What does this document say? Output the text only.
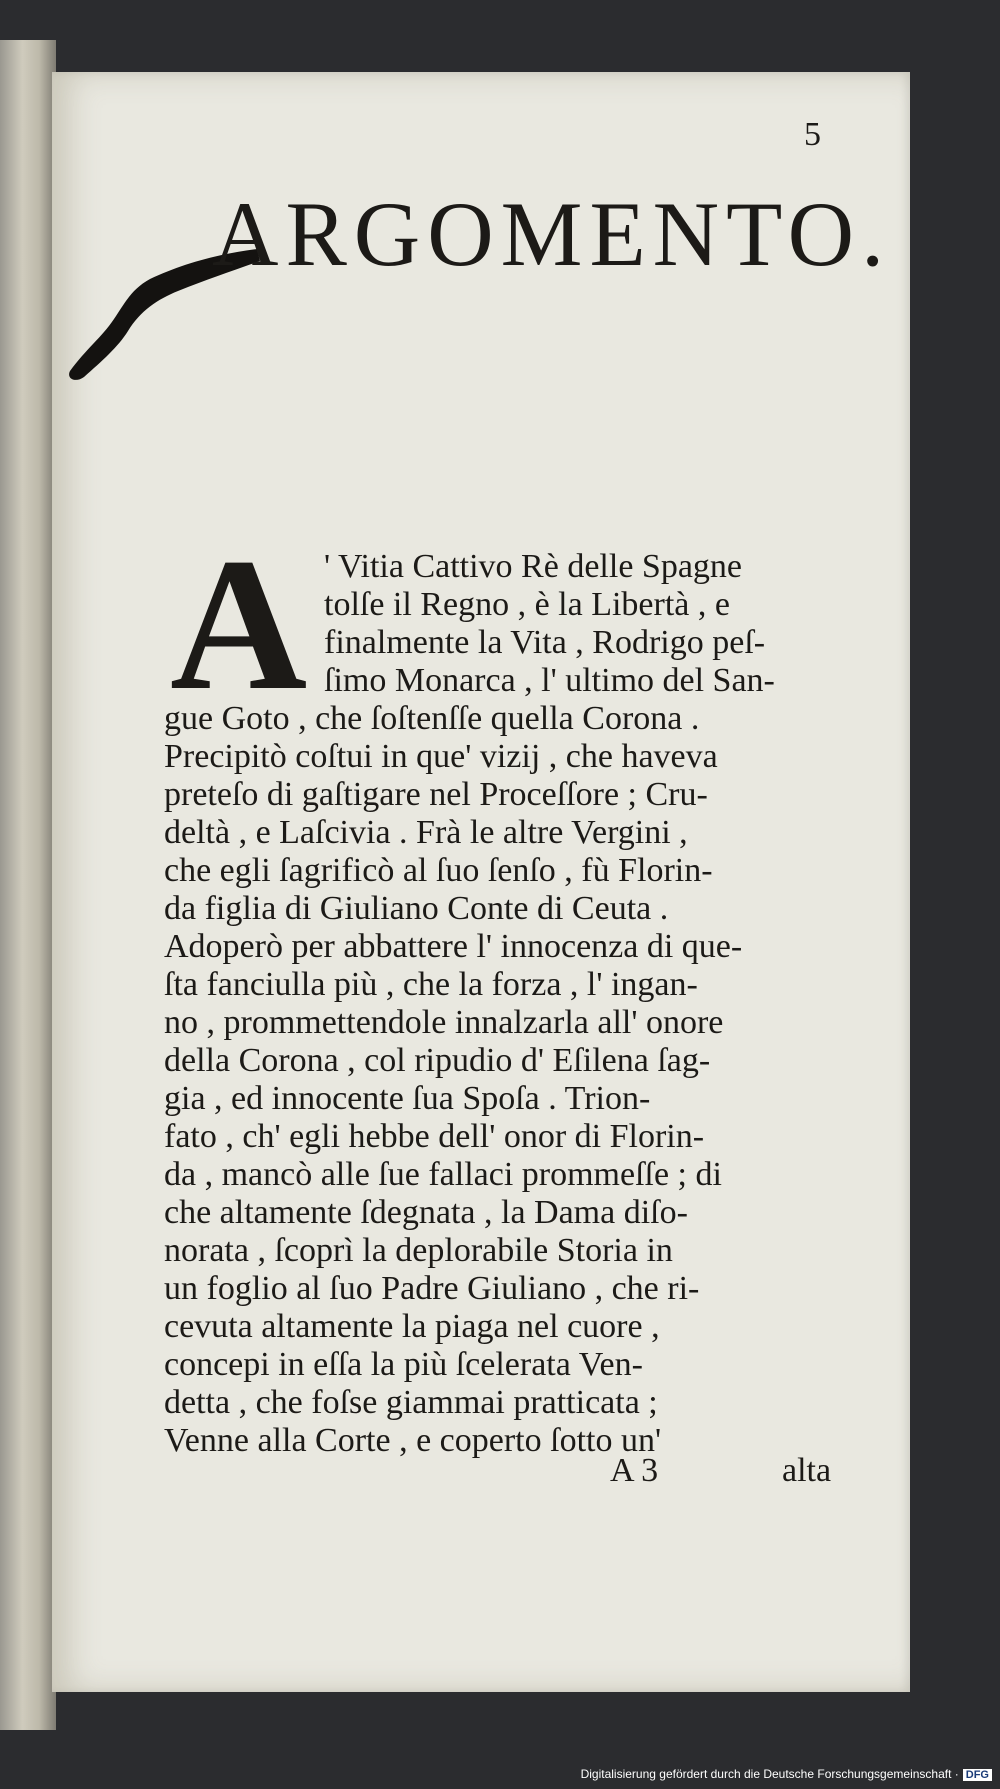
5
ARGOMENTO.
A ' Vitia Cattivo Rè delle Spagne
tolſe il Regno , è la Libertà , e
finalmente la Vita , Rodrigo peſ-
ſimo Monarca , l' ultimo del San-
gue Goto , che ſoſtenſſe quella Corona .
Precipitò coſtui in que' vizij , che haveva
preteſo di gaſtigare nel Proceſſore ; Cru-
deltà , e Laſcivia . Frà le altre Vergini ,
che egli ſagrificò al ſuo ſenſo , fù Florin-
da figlia di Giuliano Conte di Ceuta .
Adoperò per abbattere l' innocenza di que-
ſta fanciulla più , che la forza , l' ingan-
no , prommettendole innalzarla all' onore
della Corona , col ripudio d' Eſilena ſag-
gia , ed innocente ſua Spoſa . Trion-
fato , ch' egli hebbe dell' onor di Florin-
da , mancò alle ſue fallaci prommeſſe ; di
che altamente ſdegnata , la Dama diſo-
norata , ſcoprì la deplorabile Storia in
un foglio al ſuo Padre Giuliano , che ri-
cevuta altamente la piaga nel cuore ,
concepi in eſſa la più ſcelerata Ven-
detta , che foſse giammai pratticata ;
Venne alla Corte , e coperto ſotto un'
A 3	alta
Digitalisierung gefördert durch die Deutsche Forschungsgemeinschaft · DFG
